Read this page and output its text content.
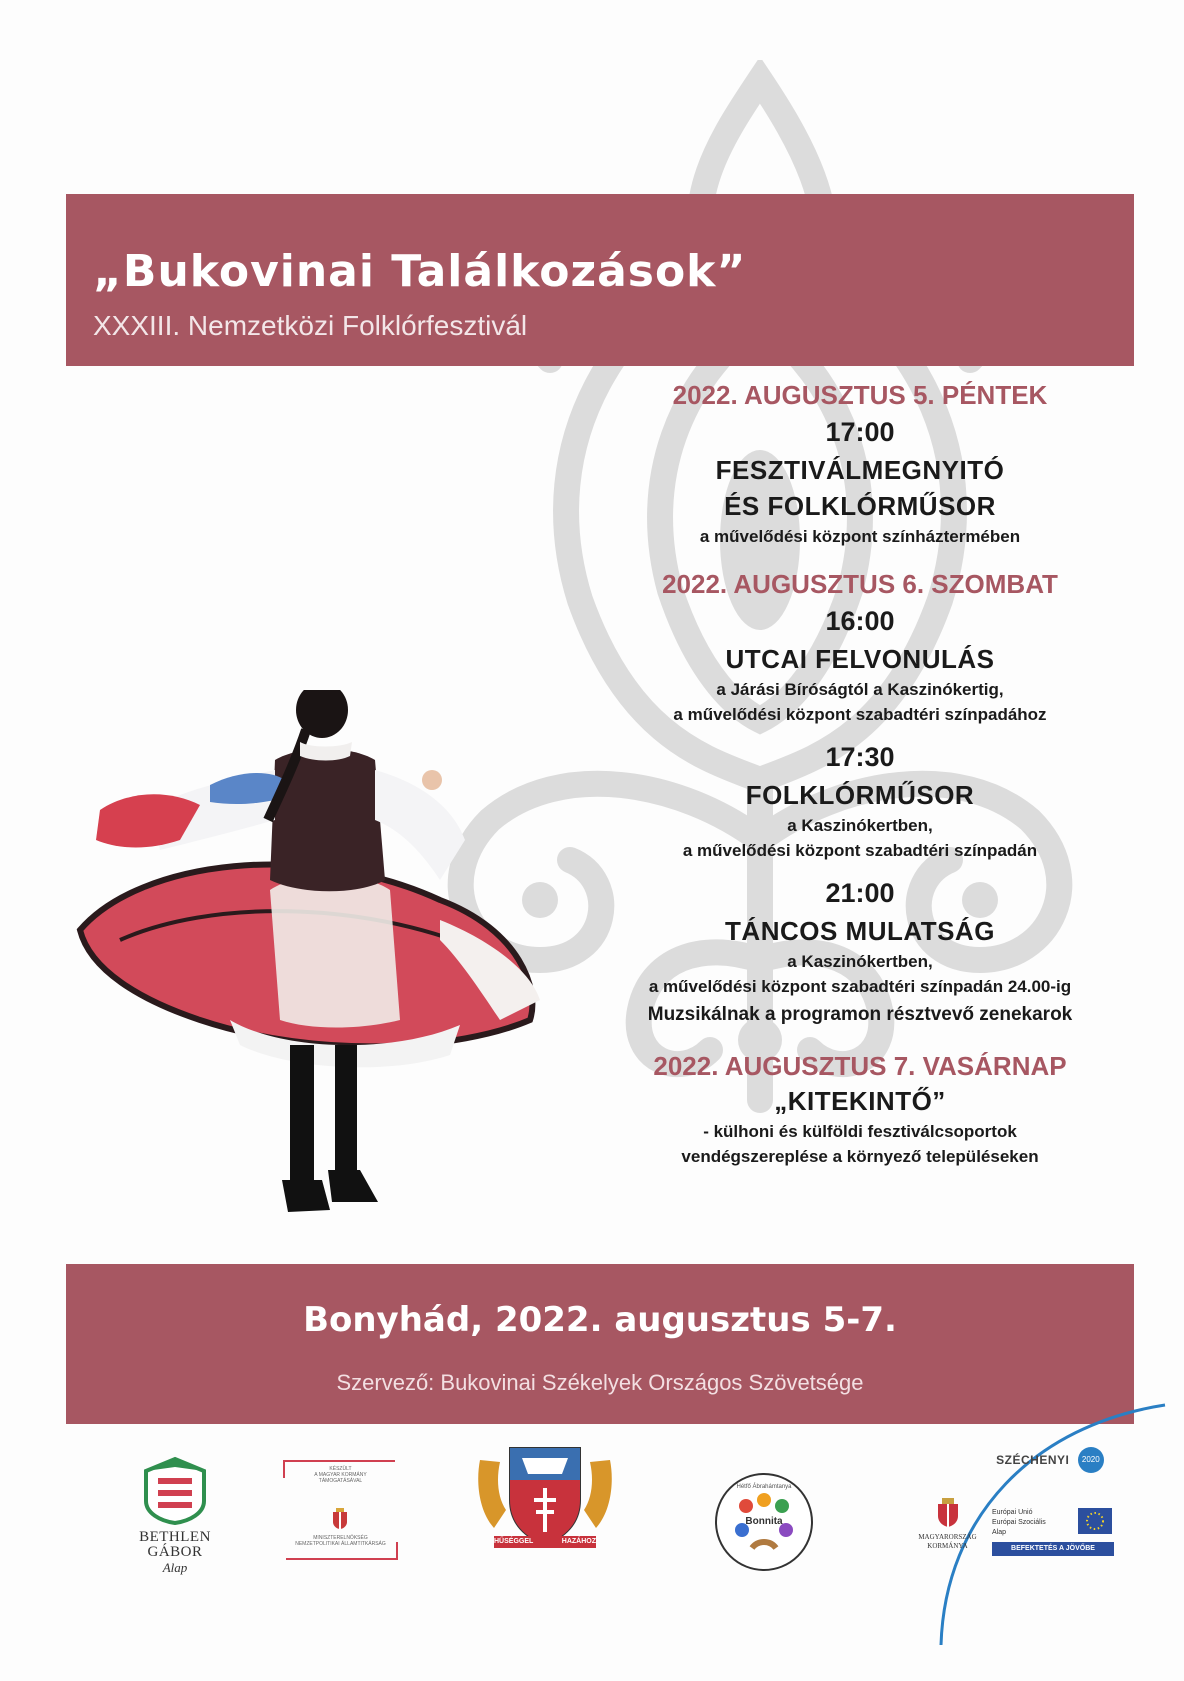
„Bukovinai Találkozások”
XXXIII. Nemzetközi Folklórfesztivál

2022. AUGUSZTUS 5. PÉNTEK

17:00

FESZTIVÁLMEGNYITÓ

ÉS FOLKLÓRMŰSOR

a művelődési központ színháztermében

2022. AUGUSZTUS 6. SZOMBAT

16:00

UTCAI FELVONULÁS

a Járási Bíróságtól a Kaszinókertig,

a művelődési központ szabadtéri színpadához

17:30

FOLKLÓRMŰSOR

a Kaszinókertben,

a művelődési központ szabadtéri színpadán

21:00

TÁNCOS MULATSÁG

a Kaszinókertben,

a művelődési központ szabadtéri színpadán 24.00-ig

Muzsikálnak a programon résztvevő zenekarok

2022. AUGUSZTUS 7. VASÁRNAP

„KITEKINTŐ”

- külhoni és külföldi fesztiválcsoportok

vendégszereplése a környező településeken

Bonyhád, 2022. augusztus 5-7.
Szervező: Bukovinai Székelyek Országos Szövetsége
BETHLEN GÁBOR
Alap
KÉSZÜLT
A MAGYAR KORMÁNY
TÁMOGATÁSÁVAL
MINISZTERELNÖKSÉG
NEMZETPOLITIKAI ÁLLAMTITKÁRSÁG	HŰSÉGGEL	HAZÁHOZ
Hétfő Ábrahámtanya
Bonnita
SZÉCHENYI 2020
MAGYARORSZÁG
KORMÁNYA
Európai Unió
Európai Szociális
Alap
BEFEKTETÉS A JÖVŐBE
